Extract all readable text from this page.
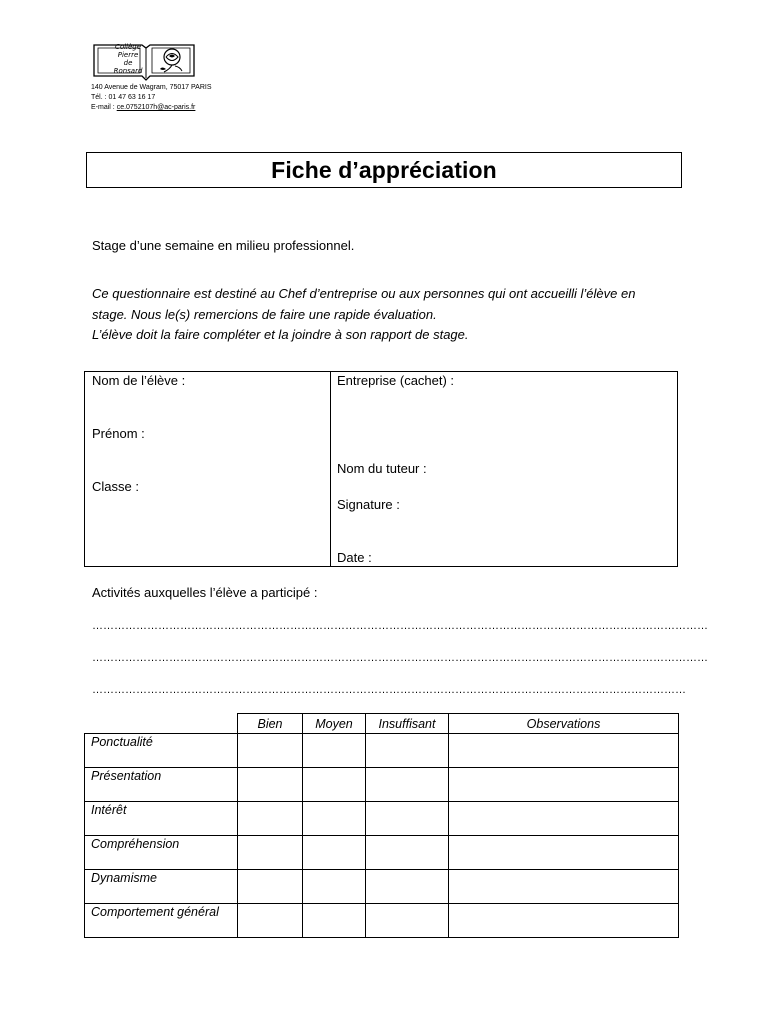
Collège
Pierre
de
Ronsard
140 Avenue de Wagram, 75017 PARIS
Tél. : 01 47 63 16 17
E-mail : ce.0752107h@ac-paris.fr
Fiche d’appréciation
Stage d’une semaine en milieu professionnel.
Ce questionnaire est destiné au Chef d’entreprise ou aux personnes qui ont accueilli l’élève en
stage. Nous le(s) remercions de faire une rapide évaluation.
L’élève doit la faire compléter et la joindre à son rapport de stage.
Nom de l’élève :
Prénom :
Classe :
Entreprise (cachet) :
Nom du tuteur :
Signature :
Date :
Activités auxquelles l’élève a participé :
……………………………………………………………………………………………………………………………………………………
……………………………………………………………………………………………………………………………………………………
………………………………………………………………………………………………………………………………………………
	Bien	Moyen	Insuffisant	Observations
Ponctualité				
Présentation				
Intérêt				
Compréhension				
Dynamisme				
Comportement général				
